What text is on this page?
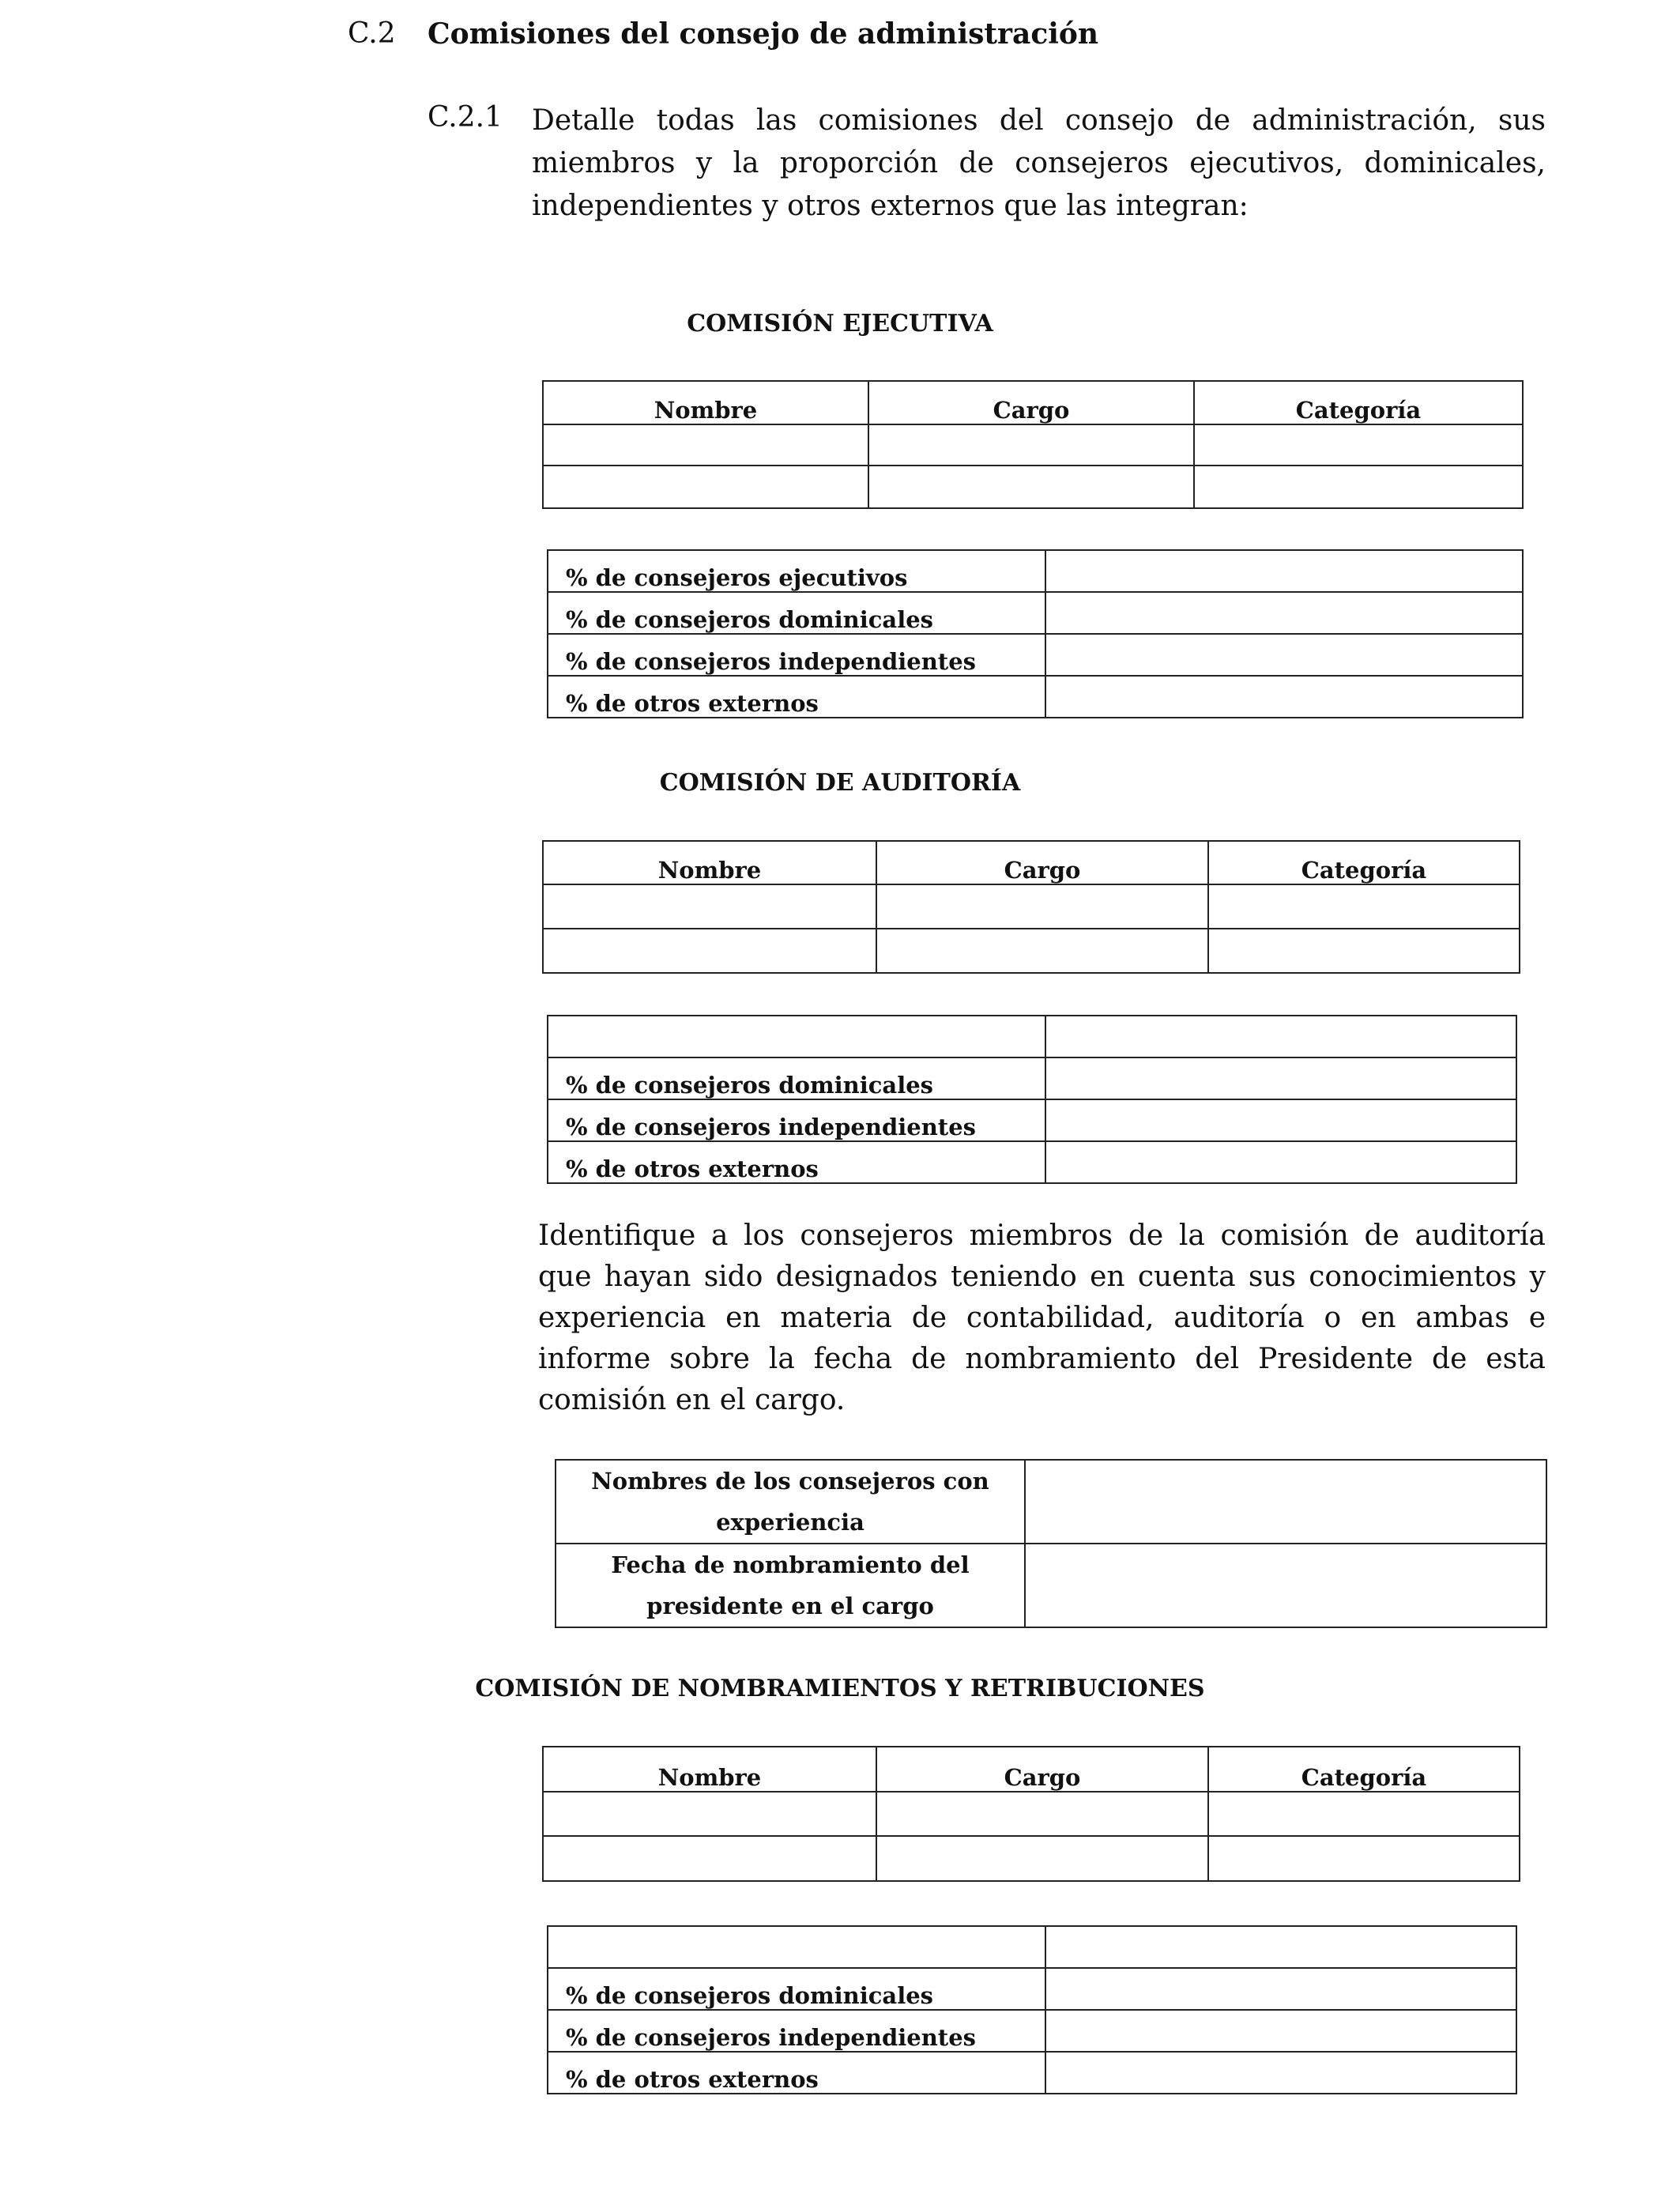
C.2 Comisiones del consejo de administración
C.2.1 Detalle todas las comisiones del consejo de administración, sus miembros y la proporción de consejeros ejecutivos, dominicales, independientes y otros externos que las integran:
COMISIÓN EJECUTIVA
Nombre	Cargo	Categoría

% de consejeros ejecutivos	
% de consejeros dominicales	
% de consejeros independientes	
% de otros externos	
COMISIÓN DE AUDITORÍA
Nombre	Cargo	Categoría

% de consejeros dominicales	
% de consejeros independientes	
% de otros externos	
Identifique a los consejeros miembros de la comisión de auditoría que hayan sido designados teniendo en cuenta sus conocimientos y experiencia en materia de contabilidad, auditoría o en ambas e informe sobre la fecha de nombramiento del Presidente de esta comisión en el cargo.
Nombres de los consejeros con experiencia	
Fecha de nombramiento del presidente en el cargo	
COMISIÓN DE NOMBRAMIENTOS Y RETRIBUCIONES
Nombre	Cargo	Categoría

% de consejeros dominicales	
% de consejeros independientes	
% de otros externos	
